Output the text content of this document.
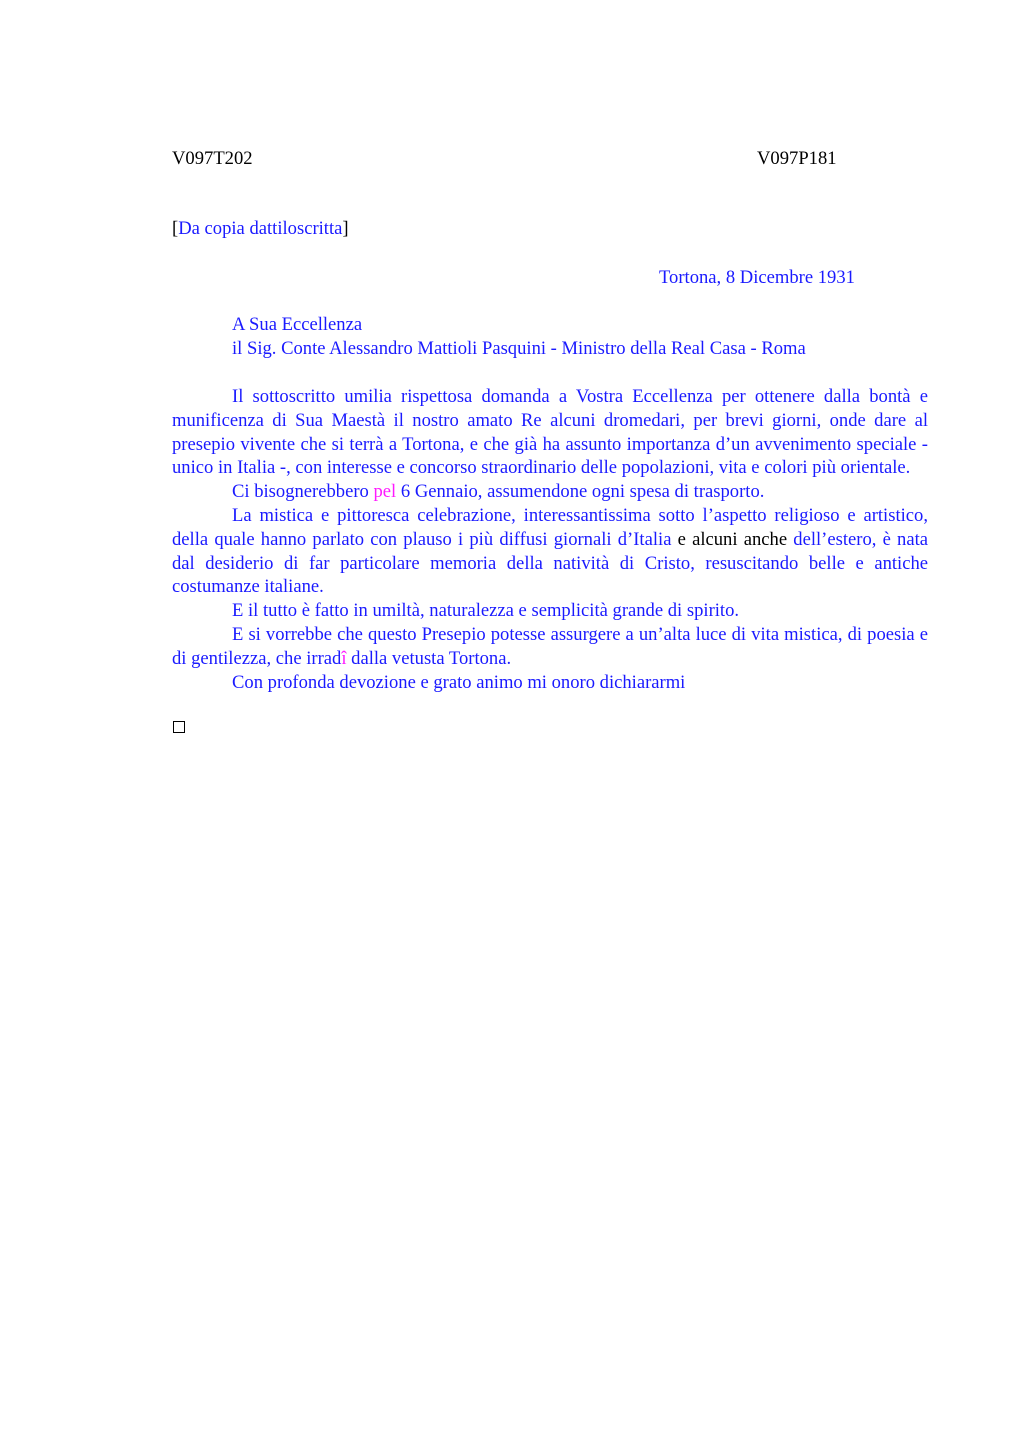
V097T202	V097P181
[Da copia dattiloscritta]
Tortona, 8 Dicembre 1931
A Sua Eccellenza
il Sig. Conte Alessandro Mattioli Pasquini - Ministro della Real Casa - Roma

Il sottoscritto umilia rispettosa domanda a Vostra Eccellenza per ottenere dalla bontà e munificenza di Sua Maestà il nostro amato Re alcuni dromedari, per brevi giorni, onde dare al presepio vivente che si terrà a Tortona, e che già ha assunto importanza d’un avvenimento speciale - unico in Italia -, con interesse e concorso straordinario delle popolazioni, vita e colori più orientale.

Ci bisognerebbero pel 6 Gennaio, assumendone ogni spesa di trasporto.

La mistica e pittoresca celebrazione, interessantissima sotto l’aspetto religioso e artistico, della quale hanno parlato con plauso i più diffusi giornali d’Italia e alcuni anche dell’estero, è nata dal desiderio di far particolare memoria della natività di Cristo, resuscitando belle e antiche costumanze italiane.

E il tutto è fatto in umiltà, naturalezza e semplicità grande di spirito.

E si vorrebbe che questo Presepio potesse assurgere a un’alta luce di vita mistica, di poesia e di gentilezza, che irradî dalla vetusta Tortona.

Con profonda devozione e grato animo mi onoro dichiararmi
